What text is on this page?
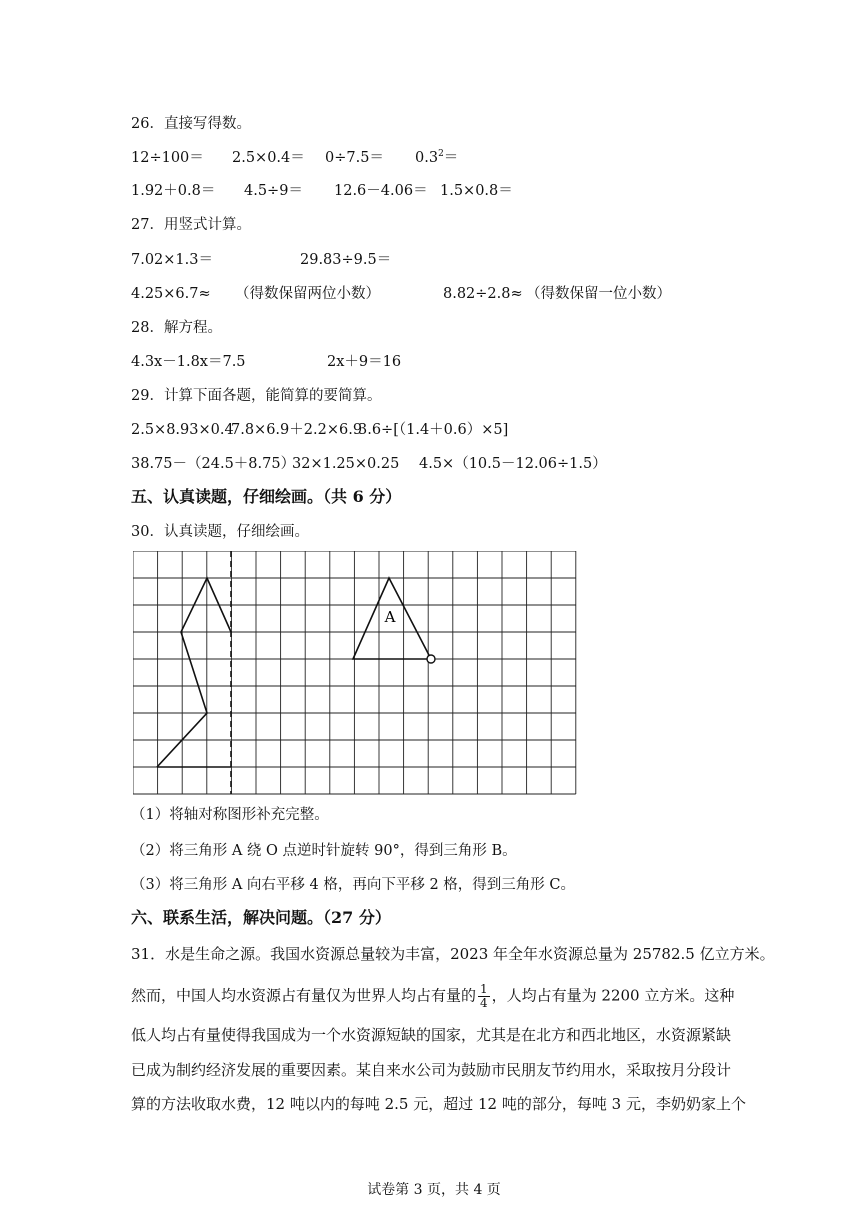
26．直接写得数。
$12\div 100= 2.5\times 0.4= 0\div 7.5= 0.3^2=$
1.92＋0.8＝ 4.5÷9＝ 12.6－4.06＝ 1.5×0.8＝
27．用竖式计算。
7.02×1.3＝	29.83÷9.5＝
4.25×6.7≈ （得数保留两位小数）	8.82÷2.8≈ （得数保留一位小数）
28．解方程。
4.3x－1.8x＝7.5	2x＋9＝16
29．计算下面各题，能简算的要简算。
2.5×8.93×0.4
7.8×6.9＋2.2×6.9
3.6÷[（1.4＋0.6）×5]
38.75－（24.5＋8.75）
32×1.25×0.25 4.5×（10.5－12.06÷1.5）
五、认真读题，仔细绘画。（共 6 分）
30．认真读题，仔细绘画。
A
（1）将轴对称图形补充完整。
（2）将三角形 A 绕 O 点逆时针旋转 90°，得到三角形 B。
（3）将三角形 A 向右平移 4 格，再向下平移 2 格，得到三角形 C。
六、联系生活，解决问题。（27 分）
31．水是生命之源。我国水资源总量较为丰富，2023 年全年水资源总量为 25782.5 亿立方米。
然而，中国人均水资源占有量仅为世界人均占有量的 $\frac{1}{4}$ ，人均占有量为 2200 立方米。这种
低人均占有量使得我国成为一个水资源短缺的国家，尤其是在北方和西北地区，水资源紧缺
已成为制约经济发展的重要因素。某自来水公司为鼓励市民朋友节约用水，采取按月分段计
算的方法收取水费，12 吨以内的每吨 2.5 元，超过 12 吨的部分，每吨 3 元，李奶奶家上个
试卷第 3 页，共 4 页
